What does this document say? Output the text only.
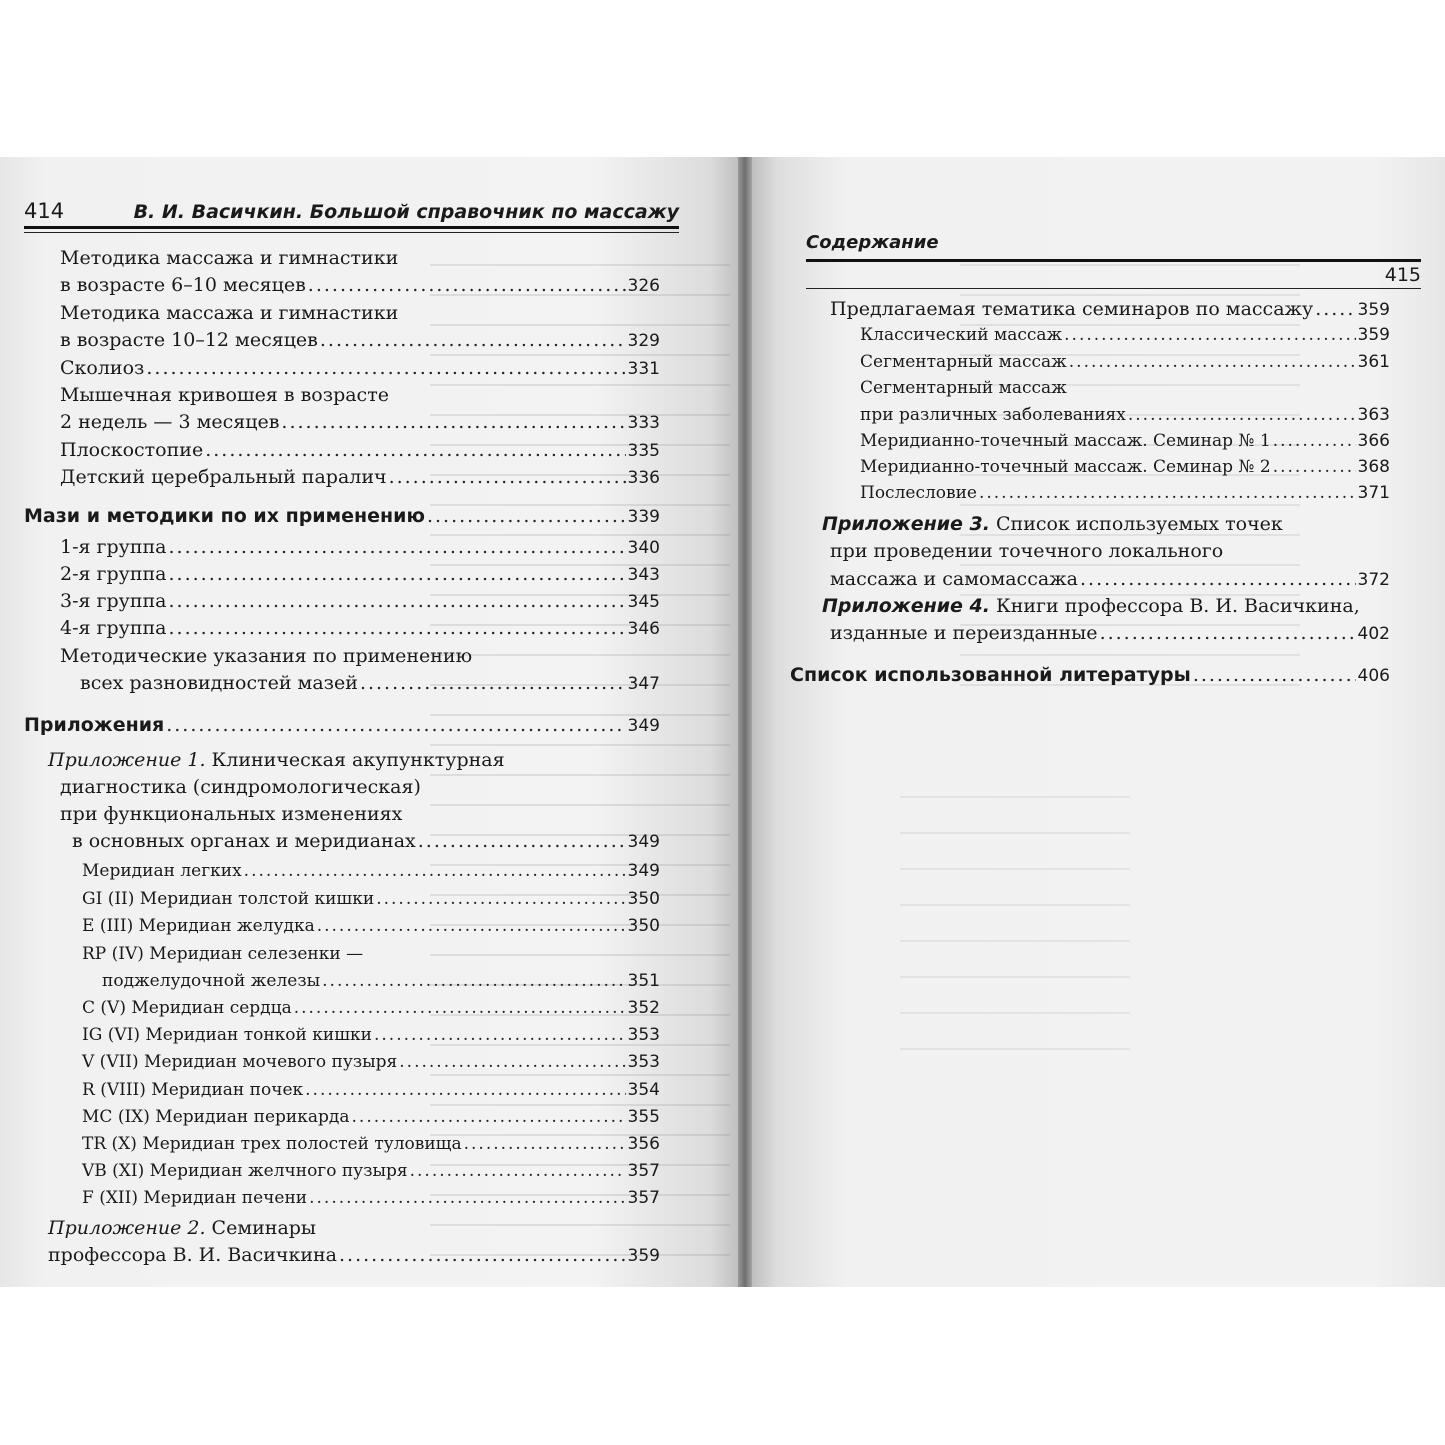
414	В. И. Васичкин. Большой справочник по массажу
Содержание
415
Методика массажа и гимнастики
в возрасте 6–10 месяцев .....	326
Методика массажа и гимнастики
в возрасте 10–12 месяцев .....	329
Сколиоз .....	331
Мышечная кривошея в возрасте
2 недель — 3 месяцев .....	333
Плоскостопие .....	335
Детский церебральный паралич .....	336
Мази и методики по их применению .....	339
1-я группа .....	340
2-я группа .....	343
3-я группа .....	345
4-я группа .....	346
Методические указания по применению
всех разновидностей мазей .....	347
Приложения .....	349
Приложение 1. Клиническая акупунктурная
диагностика (синдромологическая)
при функциональных изменениях
в основных органах и меридианах .....	349
Меридиан легких .....	349
GI (II) Меридиан толстой кишки .....	350
E (III) Меридиан желудка .....	350
RP (IV) Меридиан селезенки —
поджелудочной железы .....	351
C (V) Меридиан сердца .....	352
IG (VI) Меридиан тонкой кишки .....	353
V (VII) Меридиан мочевого пузыря .....	353
R (VIII) Меридиан почек .....	354
MC (IX) Меридиан перикарда .....	355
TR (X) Меридиан трех полостей туловища .....	356
VB (XI) Меридиан желчного пузыря .....	357
F (XII) Меридиан печени .....	357
Приложение 2. Семинары
профессора В. И. Васичкина .....	359
Предлагаемая тематика семинаров по массажу .....	359
Классический массаж .....	359
Сегментарный массаж .....	361
Сегментарный массаж
при различных заболеваниях .....	363
Меридианно-точечный массаж. Семинар № 1 .....	366
Меридианно-точечный массаж. Семинар № 2 .....	368
Послесловие .....	371
Приложение 3. Список используемых точек
при проведении точечного локального
массажа и самомассажа .....	372
Приложение 4. Книги профессора В. И. Васичкина,
изданные и переизданные .....	402
Список использованной литературы .....	406
